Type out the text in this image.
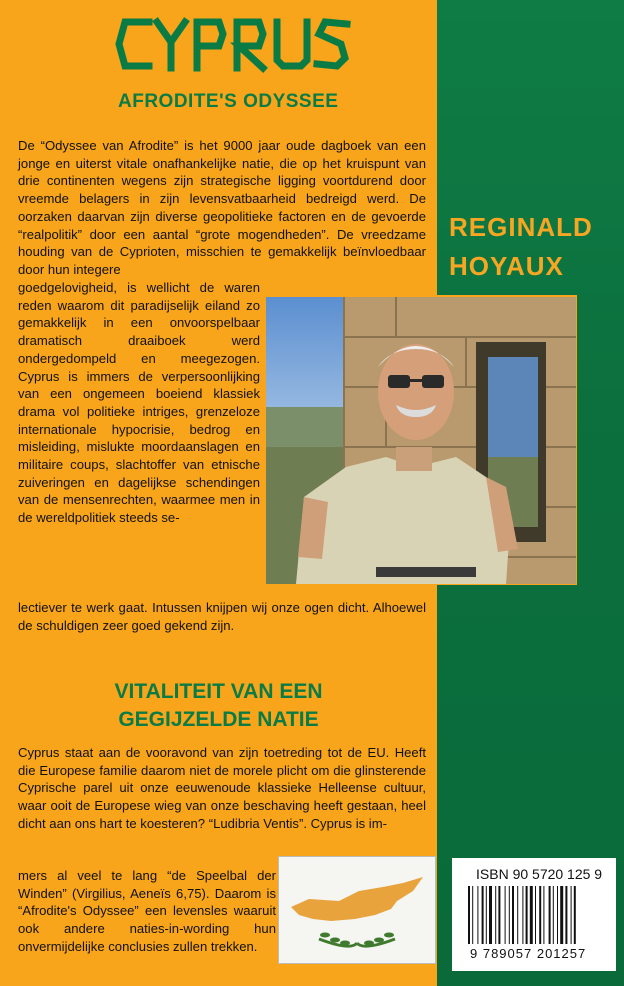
AFRODITE'S ODYSSEE
De “Odyssee van Afrodite” is het 9000 jaar oude dagboek van een jonge en uiterst vitale onafhankelijke natie, die op het kruispunt van drie continenten wegens zijn strategische ligging voortdurend door vreemde belagers in zijn levensvatbaarheid bedreigd werd. De oorzaken daarvan zijn diverse geopolitieke factoren en de gevoerde “realpolitik” door een aantal “grote mogendheden”. De vreedzame houding van de Cyprioten, misschien te gemakkelijk beïnvloedbaar door hun integere
goedgelovigheid, is wellicht de waren reden waarom dit paradijselijk eiland zo gemakkelijk in een onvoorspelbaar dramatisch draaiboek werd ondergedompeld en meegezogen. Cyprus is immers de verpersoonlijking van een ongemeen boeiend klassiek drama vol politieke intriges, grenzeloze internationale hypocrisie, bedrog en misleiding, mislukte moordaanslagen en militaire coups, slachtoffer van etnische zuiveringen en dagelijkse schendingen van de mensenrechten, waarmee men in de wereldpolitiek steeds se-
lectiever te werk gaat. Intussen knijpen wij onze ogen dicht. Alhoewel de schuldigen zeer goed gekend zijn.
REGINALD
HOYAUX
VITALITEIT VAN EEN
GEGIJZELDE NATIE
Cyprus staat aan de vooravond van zijn toetreding tot de EU. Heeft die Europese familie daarom niet de morele plicht om die glinsterende Cyprische parel uit onze eeuwenoude klassieke Helleense cultuur, waar ooit de Europese wieg van onze beschaving heeft gestaan, heel dicht aan ons hart te koesteren? “Ludibria Ventis”. Cyprus is im-
mers al veel te lang “de Speelbal der Winden” (Virgilius, Aeneïs 6,75). Daarom is “Afrodite's Odyssee” een levensles waaruit ook andere naties-in-wording hun onvermijdelijke conclusies zullen trekken.
ISBN 90 5720 125 9
9 789057 201257
